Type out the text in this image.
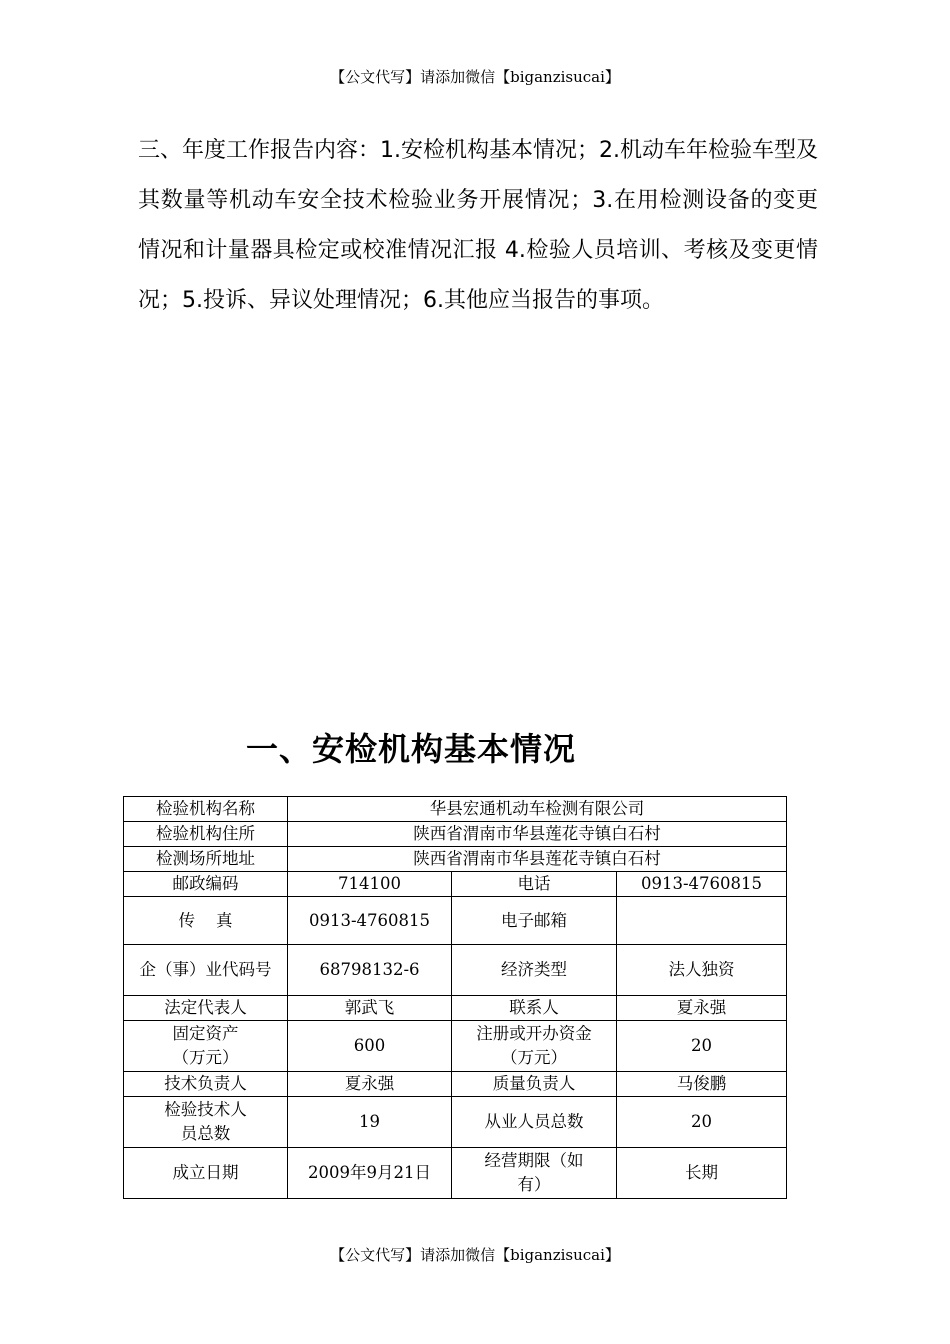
【公文代写】请添加微信【biganzisucai】
三、年度工作报告内容：1.安检机构基本情况；2.机动车年检验车型及其数量等机动车安全技术检验业务开展情况；3.在用检测设备的变更情况和计量器具检定或校准情况汇报 4.检验人员培训、考核及变更情况；5.投诉、异议处理情况；6.其他应当报告的事项。
一、安检机构基本情况
检验机构名称	华县宏通机动车检测有限公司		
检验机构住所	陕西省渭南市华县莲花寺镇白石村		
检测场所地址	陕西省渭南市华县莲花寺镇白石村		
邮政编码	714100	电话	0913-4760815
传    真	0913-4760815	电子邮箱	
企（事）业代码号	68798132-6	经济类型	法人独资
法定代表人	郭武飞	联系人	夏永强
固定资产（万元）	600	注册或开办资金（万元）	20
技术负责人	夏永强	质量负责人	马俊鹏
检验技术人员总数	19	从业人员总数	20
成立日期	2009年9月21日	经营期限（如有）	长期
【公文代写】请添加微信【biganzisucai】
